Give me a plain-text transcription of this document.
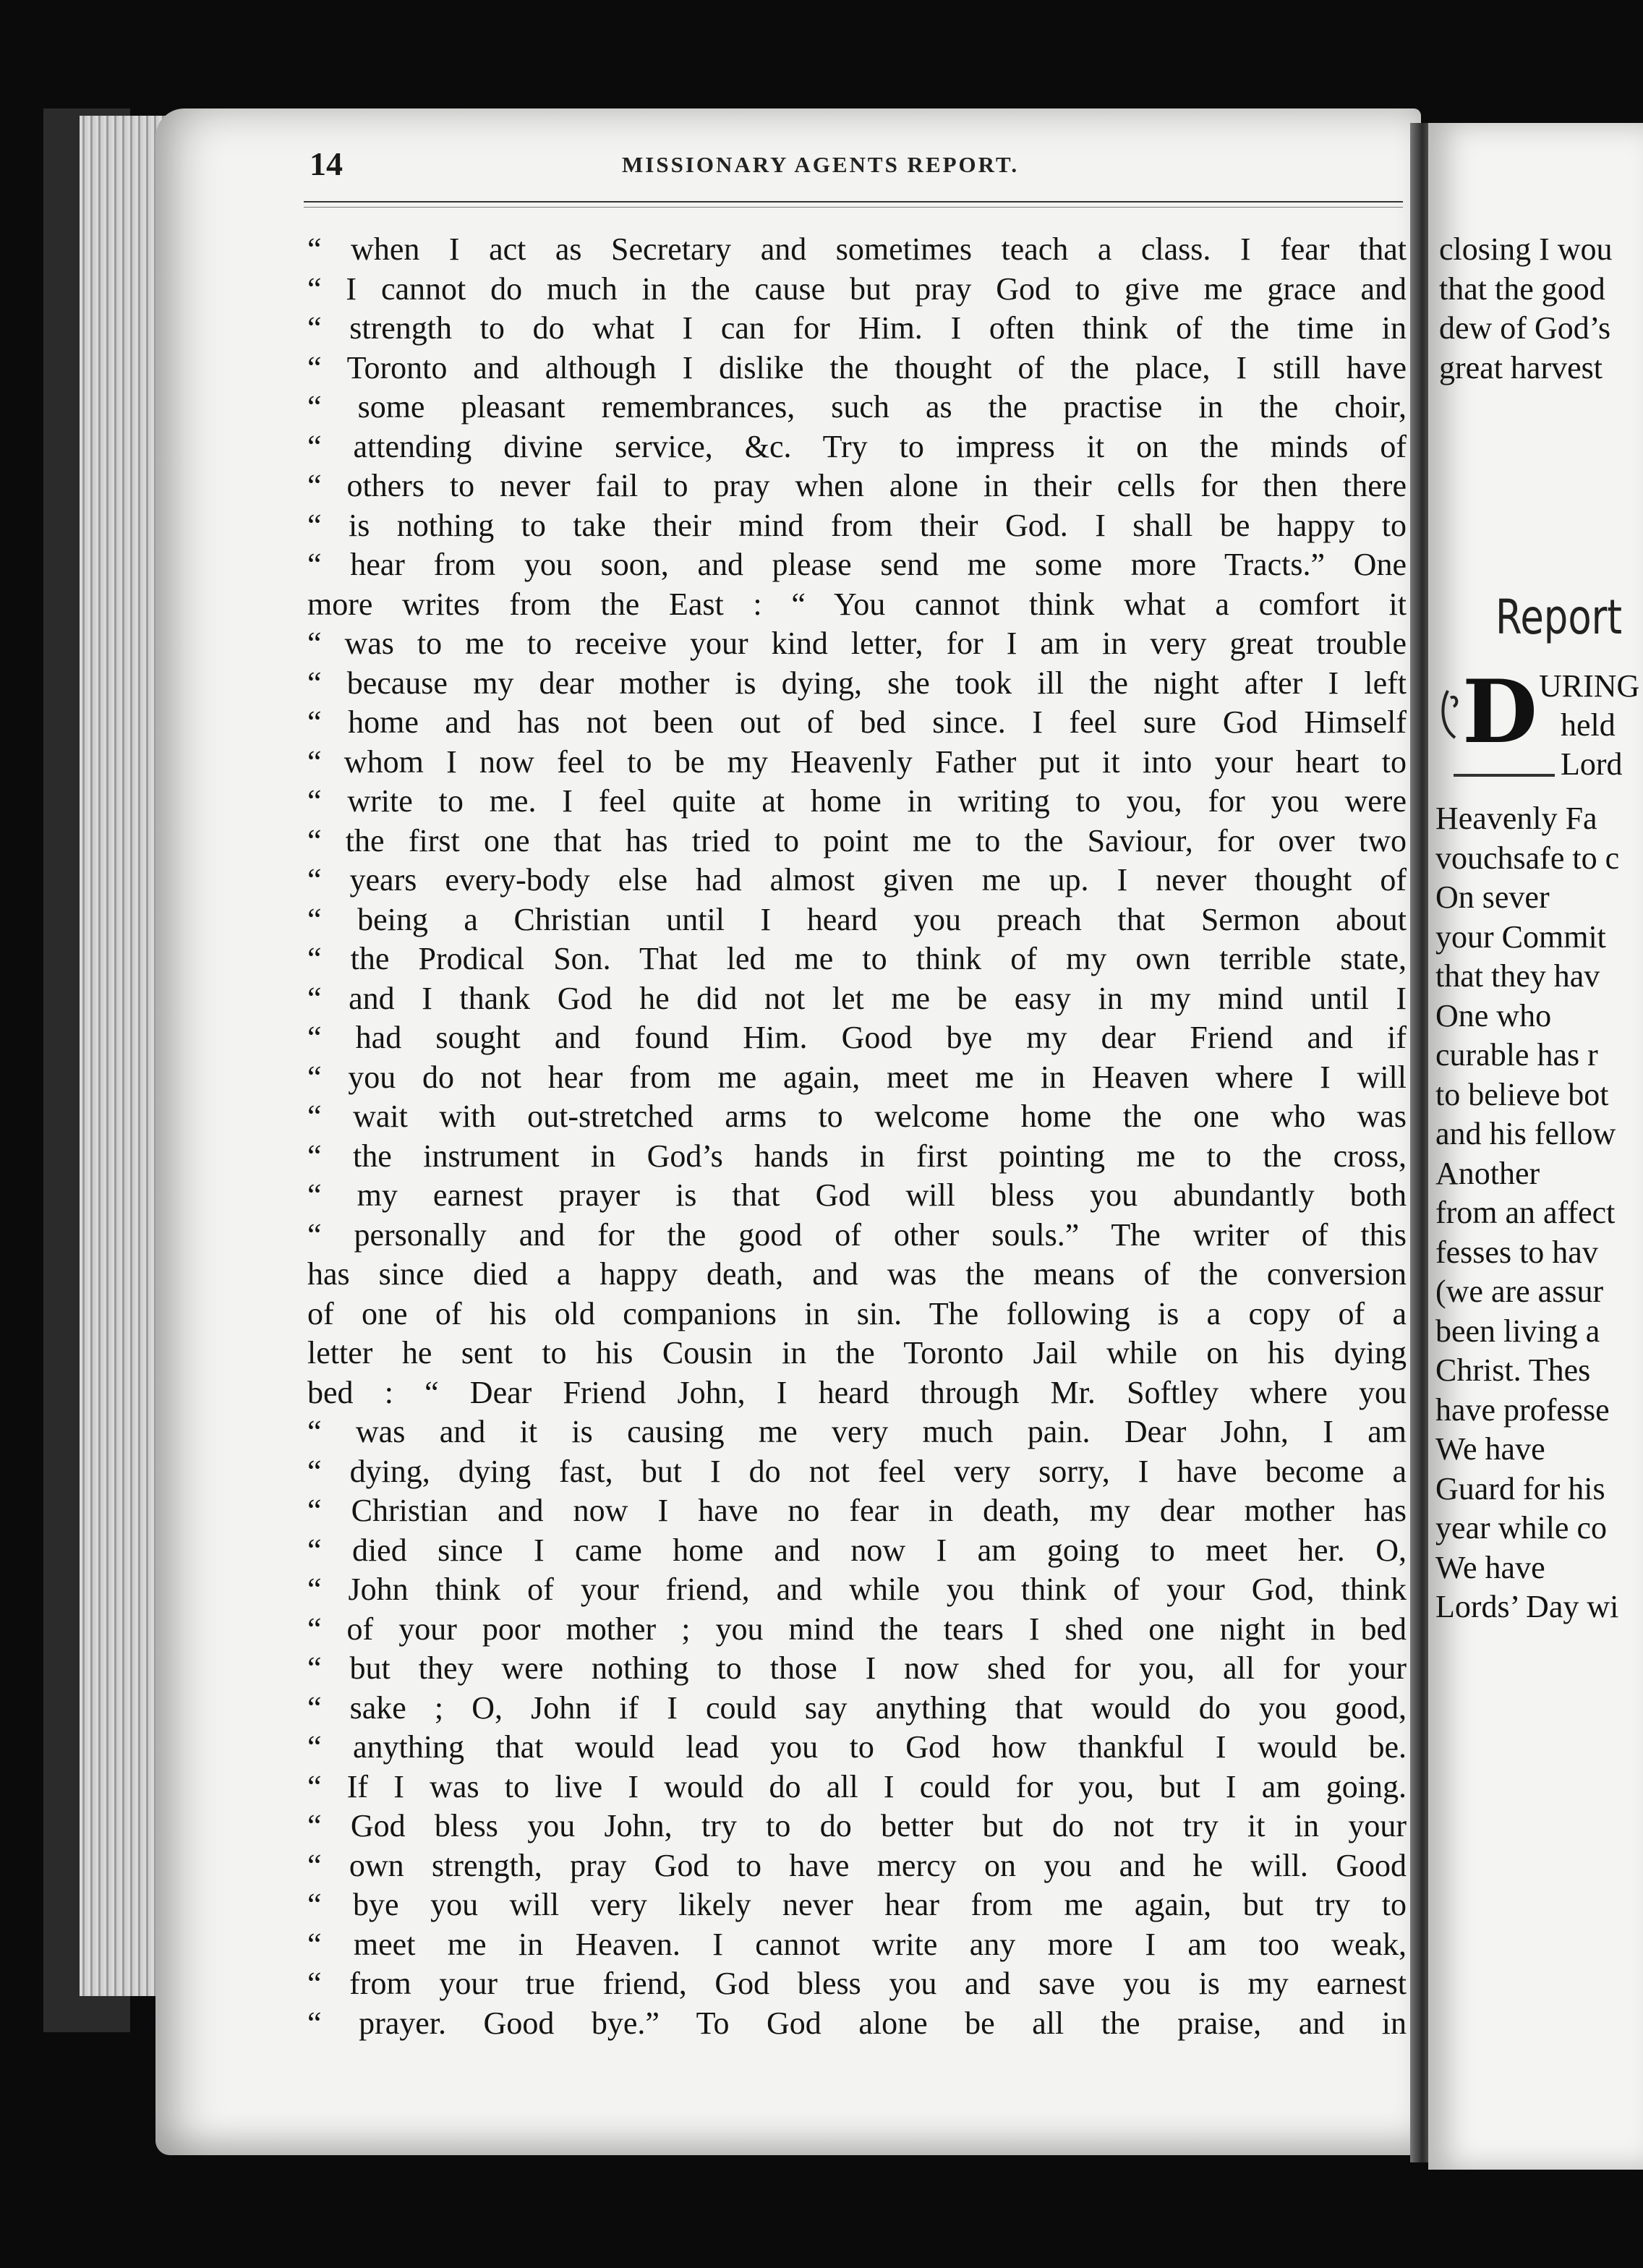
14	MISSIONARY AGENTS REPORT.
“ when I act as Secretary and sometimes teach a class. I fear that
“ I cannot do much in the cause but pray God to give me grace and
“ strength to do what I can for Him. I often think of the time in
“ Toronto and although I dislike the thought of the place, I still have
“ some pleasant remembrances, such as the practise in the choir,
“ attending divine service, &c. Try to impress it on the minds of
“ others to never fail to pray when alone in their cells for then there
“ is nothing to take their mind from their God. I shall be happy to
“ hear from you soon, and please send me some more Tracts.” One
more writes from the East : “ You cannot think what a comfort it
“ was to me to receive your kind letter, for I am in very great trouble
“ because my dear mother is dying, she took ill the night after I left
“ home and has not been out of bed since. I feel sure God Himself
“ whom I now feel to be my Heavenly Father put it into your heart to
“ write to me. I feel quite at home in writing to you, for you were
“ the first one that has tried to point me to the Saviour, for over two
“ years every-body else had almost given me up. I never thought of
“ being a Christian until I heard you preach that Sermon about
“ the Prodical Son. That led me to think of my own terrible state,
“ and I thank God he did not let me be easy in my mind until I
“ had sought and found Him. Good bye my dear Friend and if
“ you do not hear from me again, meet me in Heaven where I will
“ wait with out-stretched arms to welcome home the one who was
“ the instrument in God’s hands in first pointing me to the cross,
“ my earnest prayer is that God will bless you abundantly both
“ personally and for the good of other souls.” The writer of this
has since died a happy death, and was the means of the conversion
of one of his old companions in sin. The following is a copy of a
letter he sent to his Cousin in the Toronto Jail while on his dying
bed : “ Dear Friend John, I heard through Mr. Softley where you
“ was and it is causing me very much pain. Dear John, I am
“ dying, dying fast, but I do not feel very sorry, I have become a
“ Christian and now I have no fear in death, my dear mother has
“ died since I came home and now I am going to meet her. O,
“ John think of your friend, and while you think of your God, think
“ of your poor mother ; you mind the tears I shed one night in bed
“ but they were nothing to those I now shed for you, all for your
“ sake ; O, John if I could say anything that would do you good,
“ anything that would lead you to God how thankful I would be.
“ If I was to live I would do all I could for you, but I am going.
“ God bless you John, try to do better but do not try it in your
“ own strength, pray God to have mercy on you and he will. Good
“ bye you will very likely never hear from me again, but try to
“ meet me in Heaven. I cannot write any more I am too weak,
“ from your true friend, God bless you and save you is my earnest
“ prayer. Good bye.” To God alone be all the praise, and in
closing I wou
that the good
dew of God’s
great harvest
Report
D URING
held
Lord
Heavenly Fa
vouchsafe to c
On sever
your Commit
that they hav
One who
curable has r
to believe bot
and his fellow
Another
from an affect
fesses to hav
(we are assur
been living a
Christ. Thes
have professe
We have
Guard for his
year while co
We have
Lords’ Day wi
